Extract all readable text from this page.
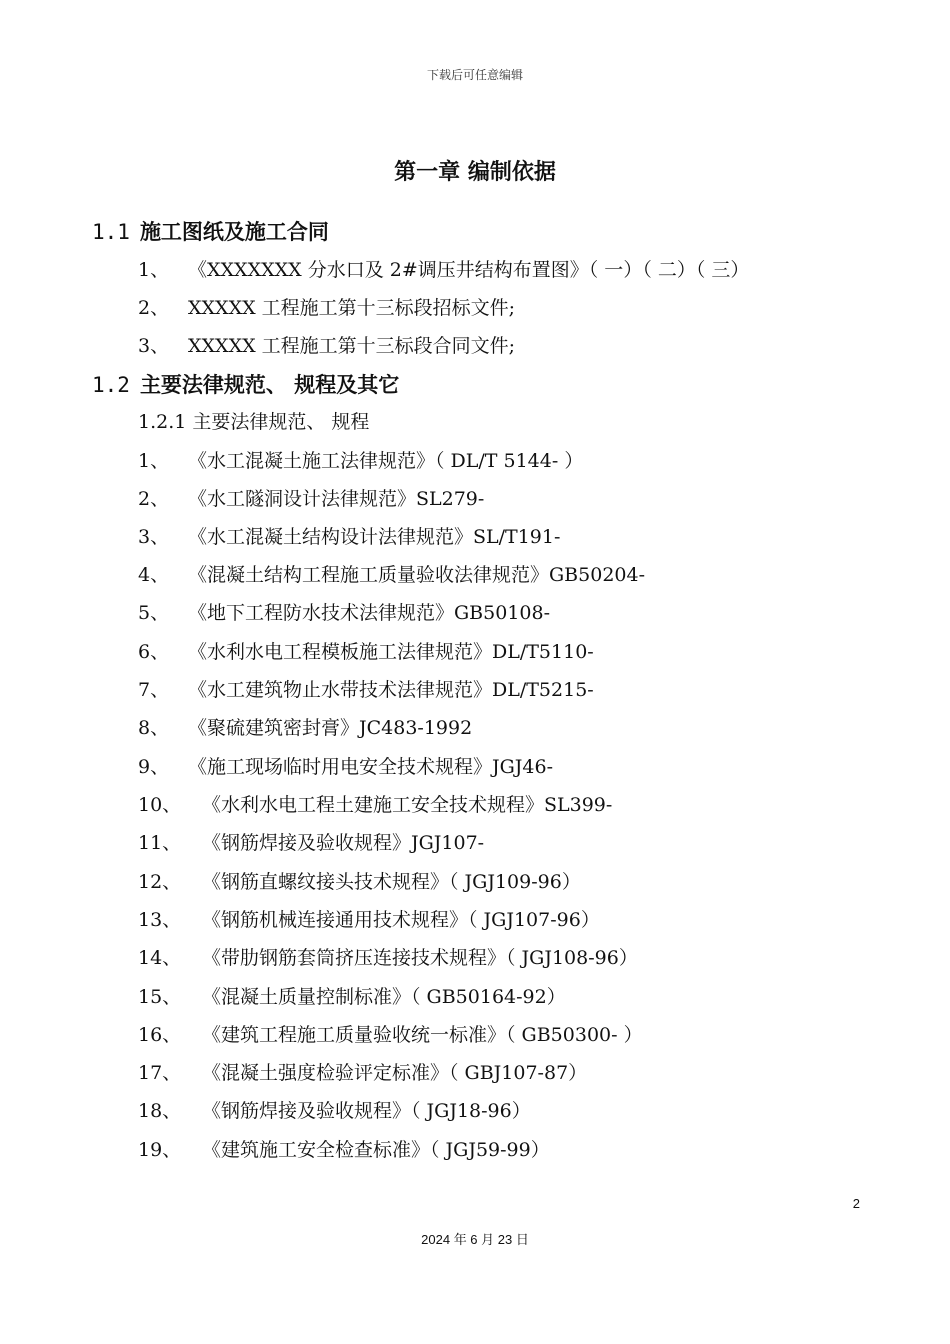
下载后可任意编辑
第一章 编制依据
1.1 施工图纸及施工合同
1、 《XXXXXXX 分水口及 2#调压井结构布置图》（ 一）（ 二）（ 三）
2、 XXXXX 工程施工第十三标段招标文件;
3、 XXXXX 工程施工第十三标段合同文件;
1.2 主要法律规范、 规程及其它
1.2.1 主要法律规范、 规程
1、 《水工混凝土施工法律规范》（ DL/T 5144- ）
2、 《水工隧洞设计法律规范》SL279-
3、 《水工混凝土结构设计法律规范》SL/T191-
4、 《混凝土结构工程施工质量验收法律规范》GB50204-
5、 《地下工程防水技术法律规范》GB50108-
6、 《水利水电工程模板施工法律规范》DL/T5110-
7、 《水工建筑物止水带技术法律规范》DL/T5215-
8、 《聚硫建筑密封膏》JC483-1992
9、 《施工现场临时用电安全技术规程》JGJ46-
10、 《水利水电工程土建施工安全技术规程》SL399-
11、 《钢筋焊接及验收规程》JGJ107-
12、 《钢筋直螺纹接头技术规程》（ JGJ109-96）
13、 《钢筋机械连接通用技术规程》（ JGJ107-96）
14、 《带肋钢筋套筒挤压连接技术规程》（ JGJ108-96）
15、 《混凝土质量控制标准》（ GB50164-92）
16、 《建筑工程施工质量验收统一标准》（ GB50300- ）
17、 《混凝土强度检验评定标准》（ GBJ107-87）
18、 《钢筋焊接及验收规程》（ JGJ18-96）
19、 《建筑施工安全检查标准》（ JGJ59-99）
2
2024 年 6 月 23 日
